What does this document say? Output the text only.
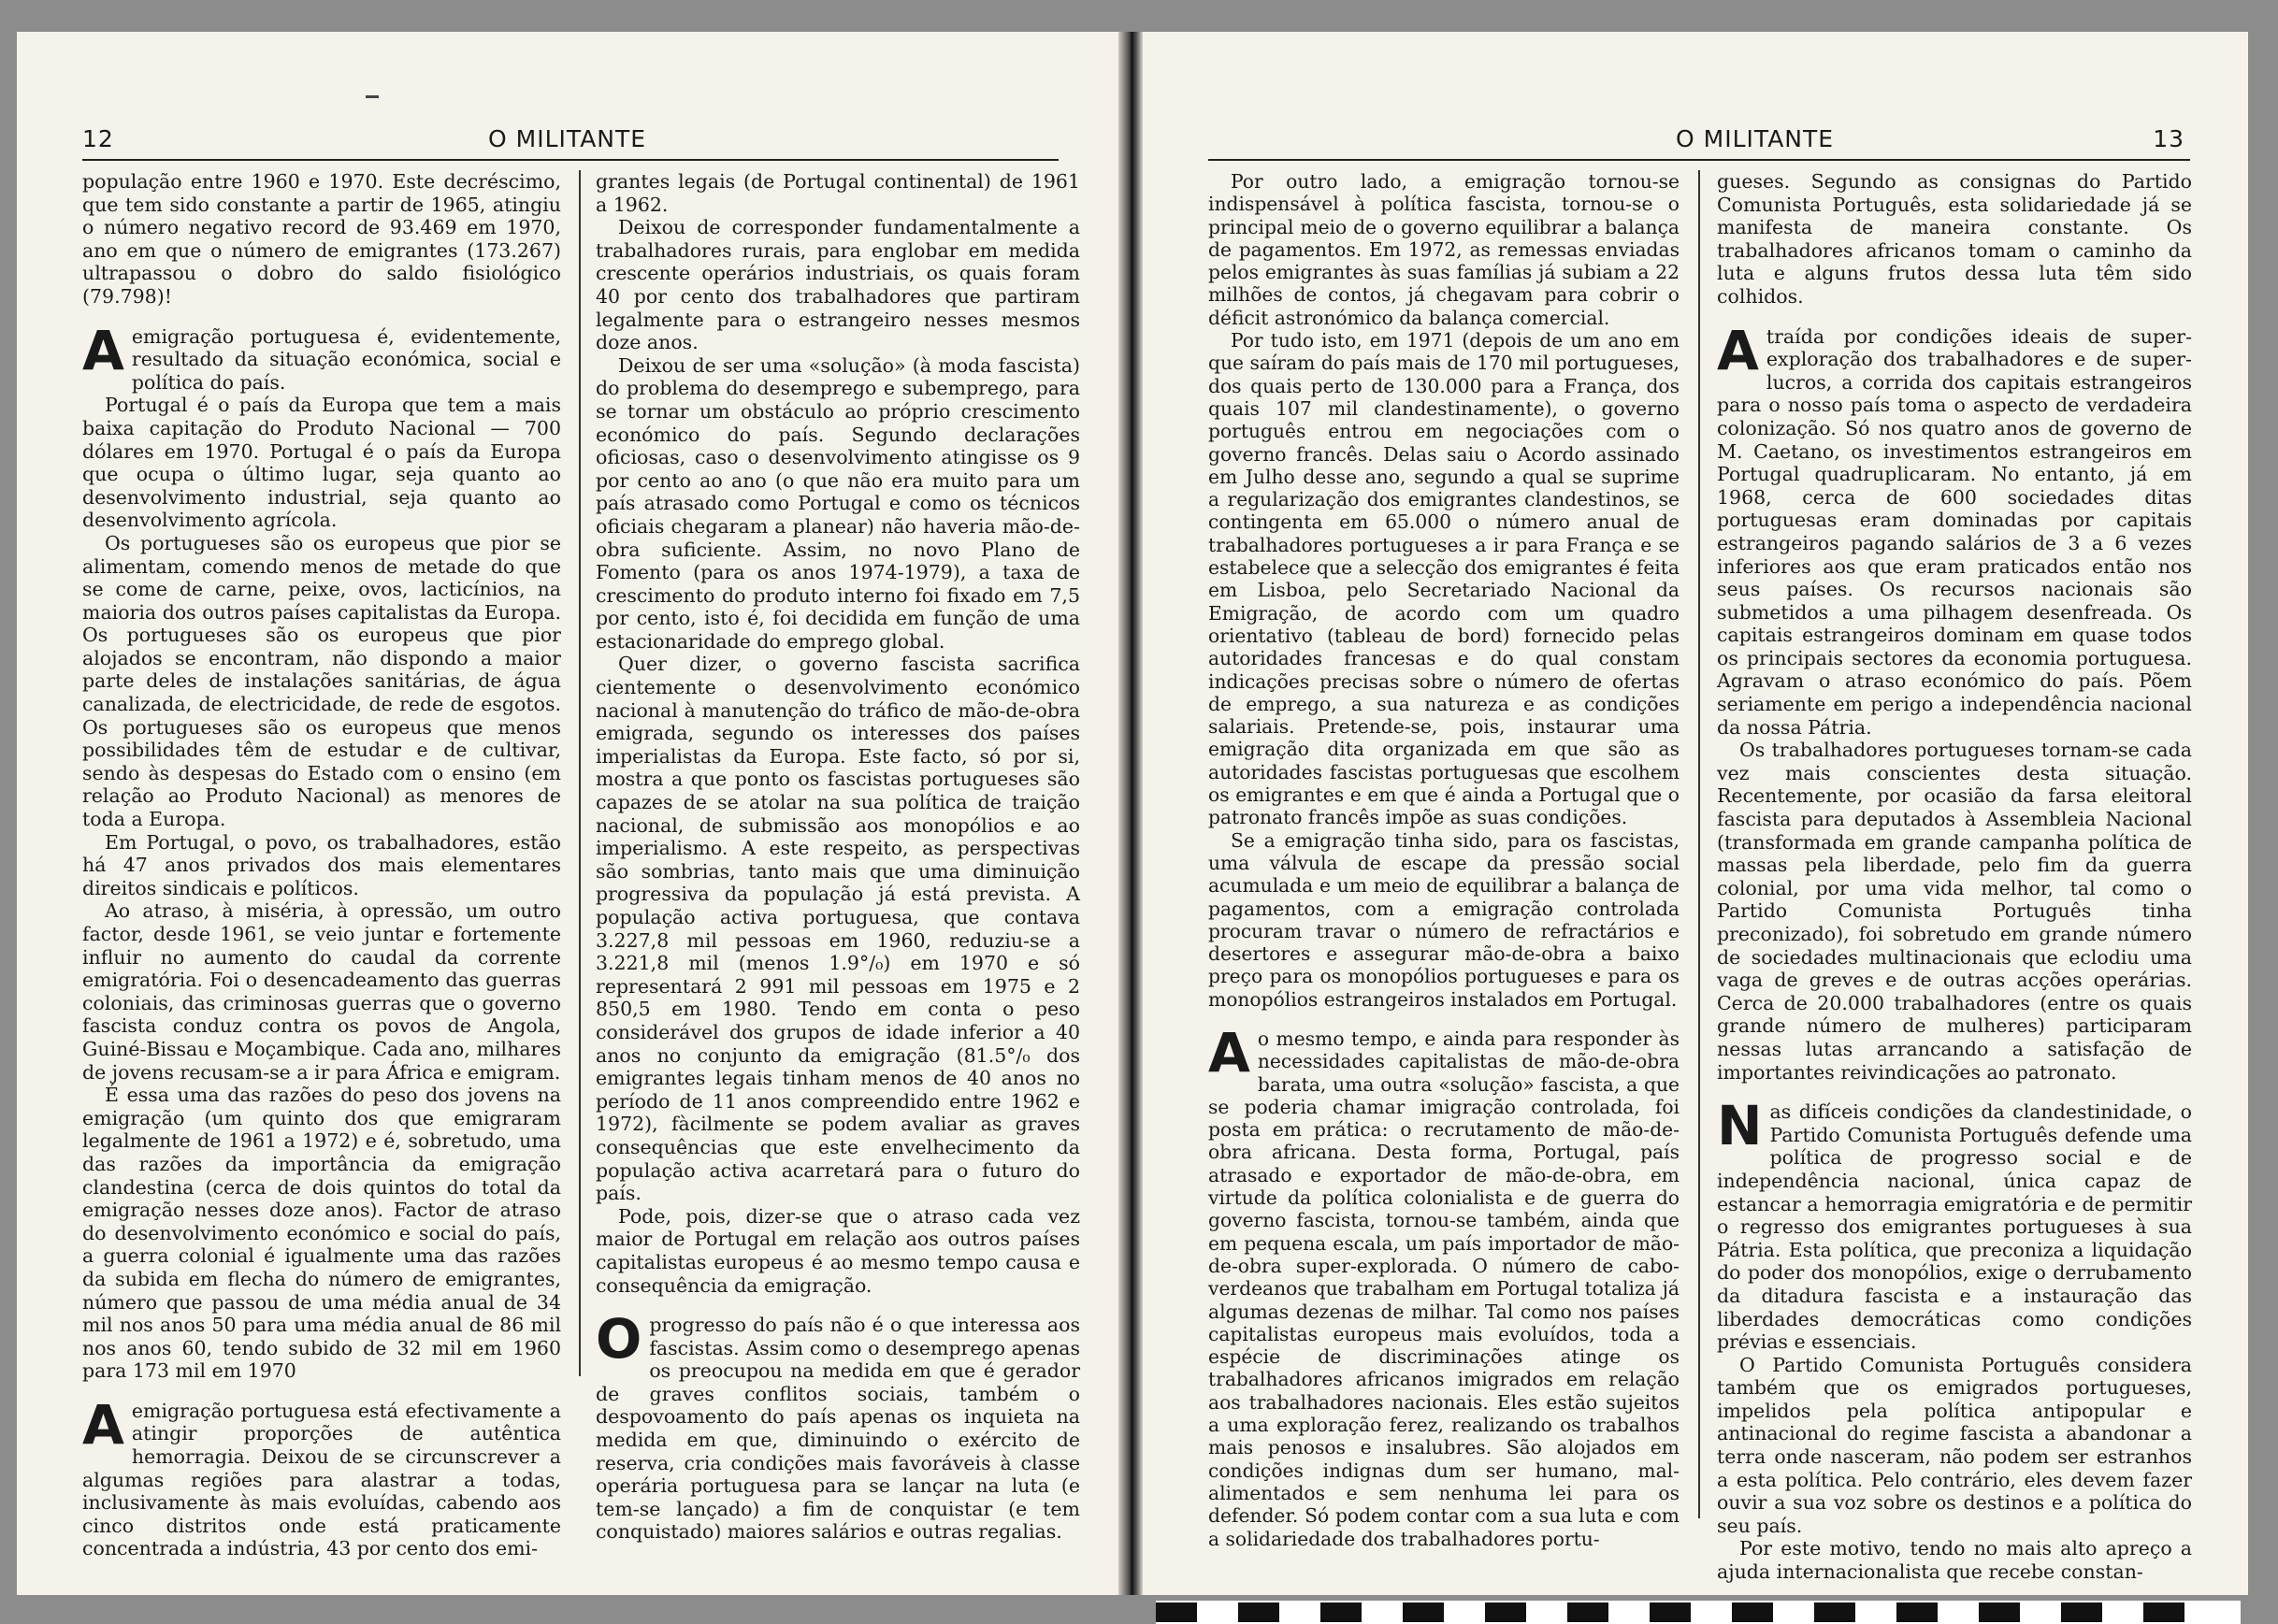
12	O MILITANTE

população entre 1960 e 1970. Este decréscimo, que tem sido constante a partir de 1965, atingiu o número negativo record de 93.469 em 1970, ano em que o número de emigrantes (173.267) ultrapassou o dobro do saldo fisiológico (79.798)!

Aemigração portuguesa é, evidentemente, resultado da situação económica, social e política do país.

Portugal é o país da Europa que tem a mais baixa capitação do Produto Nacional — 700 dólares em 1970. Portugal é o país da Europa que ocupa o último lugar, seja quanto ao desenvolvimento industrial, seja quanto ao desenvolvimento agrícola.

Os portugueses são os europeus que pior se alimentam, comendo menos de metade do que se come de carne, peixe, ovos, lacticínios, na maioria dos outros países capitalistas da Europa. Os portugueses são os europeus que pior alojados se encontram, não dispondo a maior parte deles de instalações sanitárias, de água canalizada, de electricidade, de rede de esgotos. Os portugueses são os europeus que menos possibilidades têm de estudar e de cultivar, sendo às despesas do Estado com o ensino (em relação ao Produto Nacional) as menores de toda a Europa.

Em Portugal, o povo, os trabalhadores, estão há 47 anos privados dos mais elementares direitos sindicais e políticos.

Ao atraso, à miséria, à opressão, um outro factor, desde 1961, se veio juntar e fortemente influir no aumento do caudal da corrente emigratória. Foi o desencadeamento das guerras coloniais, das criminosas guerras que o governo fascista conduz contra os povos de Angola, Guiné-Bissau e Moçambique. Cada ano, milhares de jovens recusam-se a ir para África e emigram.

É essa uma das razões do peso dos jovens na emigração (um quinto dos que emigraram legalmente de 1961 a 1972) e é, sobretudo, uma das razões da importância da emigração clandestina (cerca de dois quintos do total da emigração nesses doze anos). Factor de atraso do desenvolvimento económico e social do país, a guerra colonial é igualmente uma das razões da subida em flecha do número de emigrantes, número que passou de uma média anual de 34 mil nos anos 50 para uma média anual de 86 mil nos anos 60, tendo subido de 32 mil em 1960 para 173 mil em 1970

Aemigração portuguesa está efectivamente a atingir proporções de autêntica hemorragia. Deixou de se circunscrever a algumas regiões para alastrar a todas, inclusivamente às mais evoluídas, cabendo aos cinco distritos onde está praticamente concentrada a indústria, 43 por cento dos emi-

grantes legais (de Portugal continental) de 1961 a 1962.

Deixou de corresponder fundamentalmente a trabalhadores rurais, para englobar em medida crescente operários industriais, os quais foram 40 por cento dos trabalhadores que partiram legalmente para o estrangeiro nesses mesmos doze anos.

Deixou de ser uma «solução» (à moda fascista) do problema do desemprego e subemprego, para se tornar um obstáculo ao próprio crescimento económico do país. Segundo declarações oficiosas, caso o desenvolvimento atingisse os 9 por cento ao ano (o que não era muito para um país atrasado como Portugal e como os técnicos oficiais chegaram a planear) não haveria mão-de-obra suficiente. Assim, no novo Plano de Fomento (para os anos 1974-1979), a taxa de crescimento do produto interno foi fixado em 7,5 por cento, isto é, foi decidida em função de uma estacionaridade do emprego global.

Quer dizer, o governo fascista sacrifica cientemente o desenvolvimento económico nacional à manutenção do tráfico de mão-de-obra emigrada, segundo os interesses dos países imperialistas da Europa. Este facto, só por si, mostra a que ponto os fascistas portugueses são capazes de se atolar na sua política de traição nacional, de submissão aos monopólios e ao imperialismo. A este respeito, as perspectivas são sombrias, tanto mais que uma diminuição progressiva da população já está prevista. A população activa portuguesa, que contava 3.227,8 mil pessoas em 1960, reduziu-se a 3.221,8 mil (menos 1.9°/₀) em 1970 e só representará 2 991 mil pessoas em 1975 e 2 850,5 em 1980. Tendo em conta o peso considerável dos grupos de idade inferior a 40 anos no conjunto da emigração (81.5°/₀ dos emigrantes legais tinham menos de 40 anos no período de 11 anos compreendido entre 1962 e 1972), fàcilmente se podem avaliar as graves consequências que este envelhecimento da população activa acarretará para o futuro do país.

Pode, pois, dizer-se que o atraso cada vez maior de Portugal em relação aos outros países capitalistas europeus é ao mesmo tempo causa e consequência da emigração.

Oprogresso do país não é o que interessa aos fascistas. Assim como o desemprego apenas os preocupou na medida em que é gerador de graves conflitos sociais, também o despovoamento do país apenas os inquieta na medida em que, diminuindo o exército de reserva, cria condições mais favoráveis à classe operária portuguesa para se lançar na luta (e tem-se lançado) a fim de conquistar (e tem conquistado) maiores salários e outras regalias.

O MILITANTE	13

Por outro lado, a emigração tornou-se indispensável à política fascista, tornou-se o principal meio de o governo equilibrar a balança de pagamentos. Em 1972, as remessas enviadas pelos emigrantes às suas famílias já subiam a 22 milhões de contos, já chegavam para cobrir o déficit astronómico da balança comercial.

Por tudo isto, em 1971 (depois de um ano em que saíram do país mais de 170 mil portugueses, dos quais perto de 130.000 para a França, dos quais 107 mil clandestinamente), o governo português entrou em negociações com o governo francês. Delas saiu o Acordo assinado em Julho desse ano, segundo a qual se suprime a regularização dos emigrantes clandestinos, se contingenta em 65.000 o número anual de trabalhadores portugueses a ir para França e se estabelece que a selecção dos emigrantes é feita em Lisboa, pelo Secretariado Nacional da Emigração, de acordo com um quadro orientativo (tableau de bord) fornecido pelas autoridades francesas e do qual constam indicações precisas sobre o número de ofertas de emprego, a sua natureza e as condições salariais. Pretende-se, pois, instaurar uma emigração dita organizada em que são as autoridades fascistas portuguesas que escolhem os emigrantes e em que é ainda a Portugal que o patronato francês impõe as suas condições.

Se a emigração tinha sido, para os fascistas, uma válvula de escape da pressão social acumulada e um meio de equilibrar a balança de pagamentos, com a emigração controlada procuram travar o número de refractários e desertores e assegurar mão-de-obra a baixo preço para os monopólios portugueses e para os monopólios estrangeiros instalados em Portugal.

Ao mesmo tempo, e ainda para responder às necessidades capitalistas de mão-de-obra barata, uma outra «solução» fascista, a que se poderia chamar imigração controlada, foi posta em prática: o recrutamento de mão-de-obra africana. Desta forma, Portugal, país atrasado e exportador de mão-de-obra, em virtude da política colonialista e de guerra do governo fascista, tornou-se também, ainda que em pequena escala, um país importador de mão-de-obra super-explorada. O número de cabo-verdeanos que trabalham em Portugal totaliza já algumas dezenas de milhar. Tal como nos países capitalistas europeus mais evoluídos, toda a espécie de discriminações atinge os trabalhadores africanos imigrados em relação aos trabalhadores nacionais. Eles estão sujeitos a uma exploração ferez, realizando os trabalhos mais penosos e insalubres. São alojados em condições indignas dum ser humano, mal-alimentados e sem nenhuma lei para os defender. Só podem contar com a sua luta e com a solidariedade dos trabalhadores portu-

gueses. Segundo as consignas do Partido Comunista Português, esta solidariedade já se manifesta de maneira constante. Os trabalhadores africanos tomam o caminho da luta e alguns frutos dessa luta têm sido colhidos.

Atraída por condições ideais de super-exploração dos trabalhadores e de super-lucros, a corrida dos capitais estrangeiros para o nosso país toma o aspecto de verdadeira colonização. Só nos quatro anos de governo de M. Caetano, os investimentos estrangeiros em Portugal quadruplicaram. No entanto, já em 1968, cerca de 600 sociedades ditas portuguesas eram dominadas por capitais estrangeiros pagando salários de 3 a 6 vezes inferiores aos que eram praticados então nos seus países. Os recursos nacionais são submetidos a uma pilhagem desenfreada. Os capitais estrangeiros dominam em quase todos os principais sectores da economia portuguesa. Agravam o atraso económico do país. Põem seriamente em perigo a independência nacional da nossa Pátria.

Os trabalhadores portugueses tornam-se cada vez mais conscientes desta situação. Recentemente, por ocasião da farsa eleitoral fascista para deputados à Assembleia Nacional (transformada em grande campanha política de massas pela liberdade, pelo fim da guerra colonial, por uma vida melhor, tal como o Partido Comunista Português tinha preconizado), foi sobretudo em grande número de sociedades multinacionais que eclodiu uma vaga de greves e de outras acções operárias. Cerca de 20.000 trabalhadores (entre os quais grande número de mulheres) participaram nessas lutas arrancando a satisfação de importantes reivindicações ao patronato.

Nas difíceis condições da clandestinidade, o Partido Comunista Português defende uma política de progresso social e de independência nacional, única capaz de estancar a hemorragia emigratória e de permitir o regresso dos emigrantes portugueses à sua Pátria. Esta política, que preconiza a liquidação do poder dos monopólios, exige o derrubamento da ditadura fascista e a instauração das liberdades democráticas como condições prévias e essenciais.

O Partido Comunista Português considera também que os emigrados portugueses, impelidos pela política antipopular e antinacional do regime fascista a abandonar a terra onde nasceram, não podem ser estranhos a esta política. Pelo contrário, eles devem fazer ouvir a sua voz sobre os destinos e a política do seu país.

Por este motivo, tendo no mais alto apreço a ajuda internacionalista que recebe constan-
